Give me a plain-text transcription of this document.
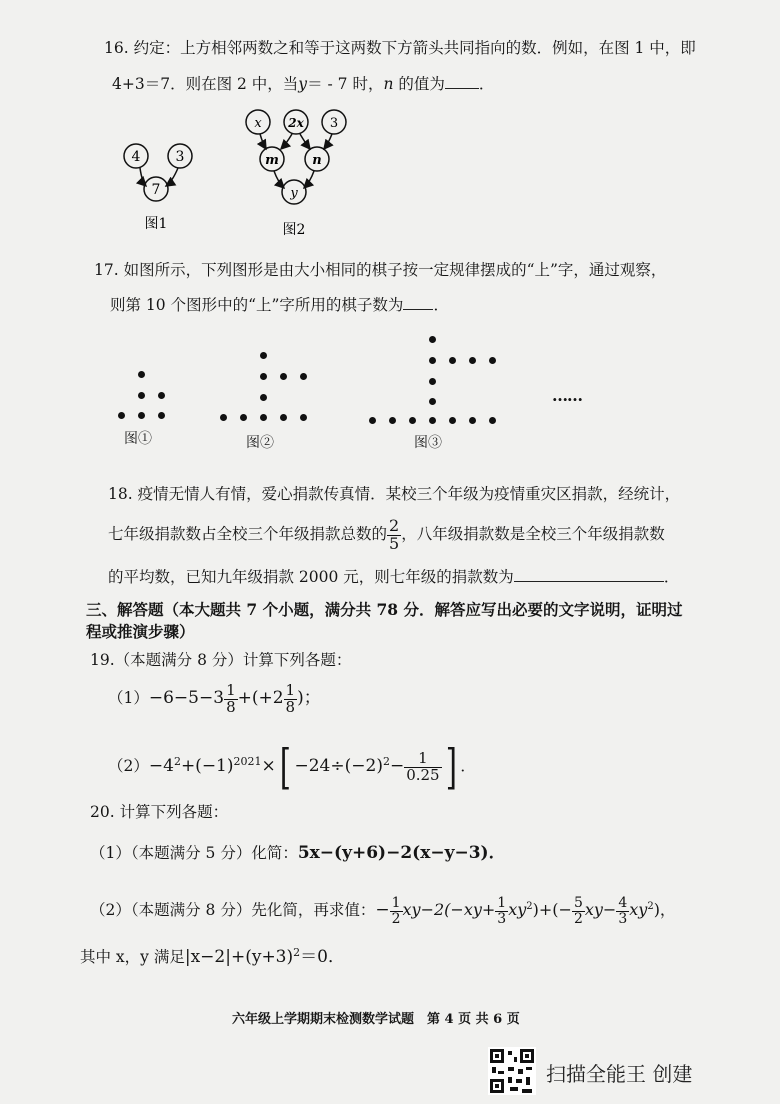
16. 约定：上方相邻两数之和等于这两数下方箭头共同指向的数．例如，在图 1 中，即
4+3＝7．则在图 2 中，当y＝ - 7 时，n 的值为 ．
4	3
7
图1
x 2x 3
m	n
y
图2
17. 如图所示，下列图形是由大小相同的棋子按一定规律摆成的“上”字，通过观察，
则第 10 个图形中的“上”字所用的棋子数为 ．
……
图①	图②	图③
18. 疫情无情人有情，爱心捐款传真情．某校三个年级为疫情重灾区捐款，经统计，
七年级捐款数占全校三个年级捐款总数的 $\frac{2}{5}$ ，八年级捐款数是全校三个年级捐款数
的平均数，已知九年级捐款 2000 元，则七年级的捐款数为	．
三、解答题（本大题共 7 个小题，满分共 78 分．解答应写出必要的文字说明，证明过
程或推演步骤）
19.（本题满分 8 分）计算下列各题：
$(1)-6-5-3 \frac{1}{8} +(+2 \frac{1}{8}$ )；
$(2)-4^2+(-1)^{2021}\times[ -24\div(-2)^2- \frac{1}{0.25}$ ] ．
20. 计算下列各题：
（1）（本题满分 5 分）化简：5x−(y+6)−2(x−y−3)．
（2）（本题满分 8 分）先化简，再求值：− $\frac{1}{2} xy-2(-xy+ \frac{1}{3} xy^2)+(- \frac{5}{2} xy- \frac{4}{3} xy^2)$，
其中 x，y 满足$|x-2|+(y+3)^2=0$．
六年级上学期期末检测数学试题　第 4 页 共 6 页
扫描全能王 创建
